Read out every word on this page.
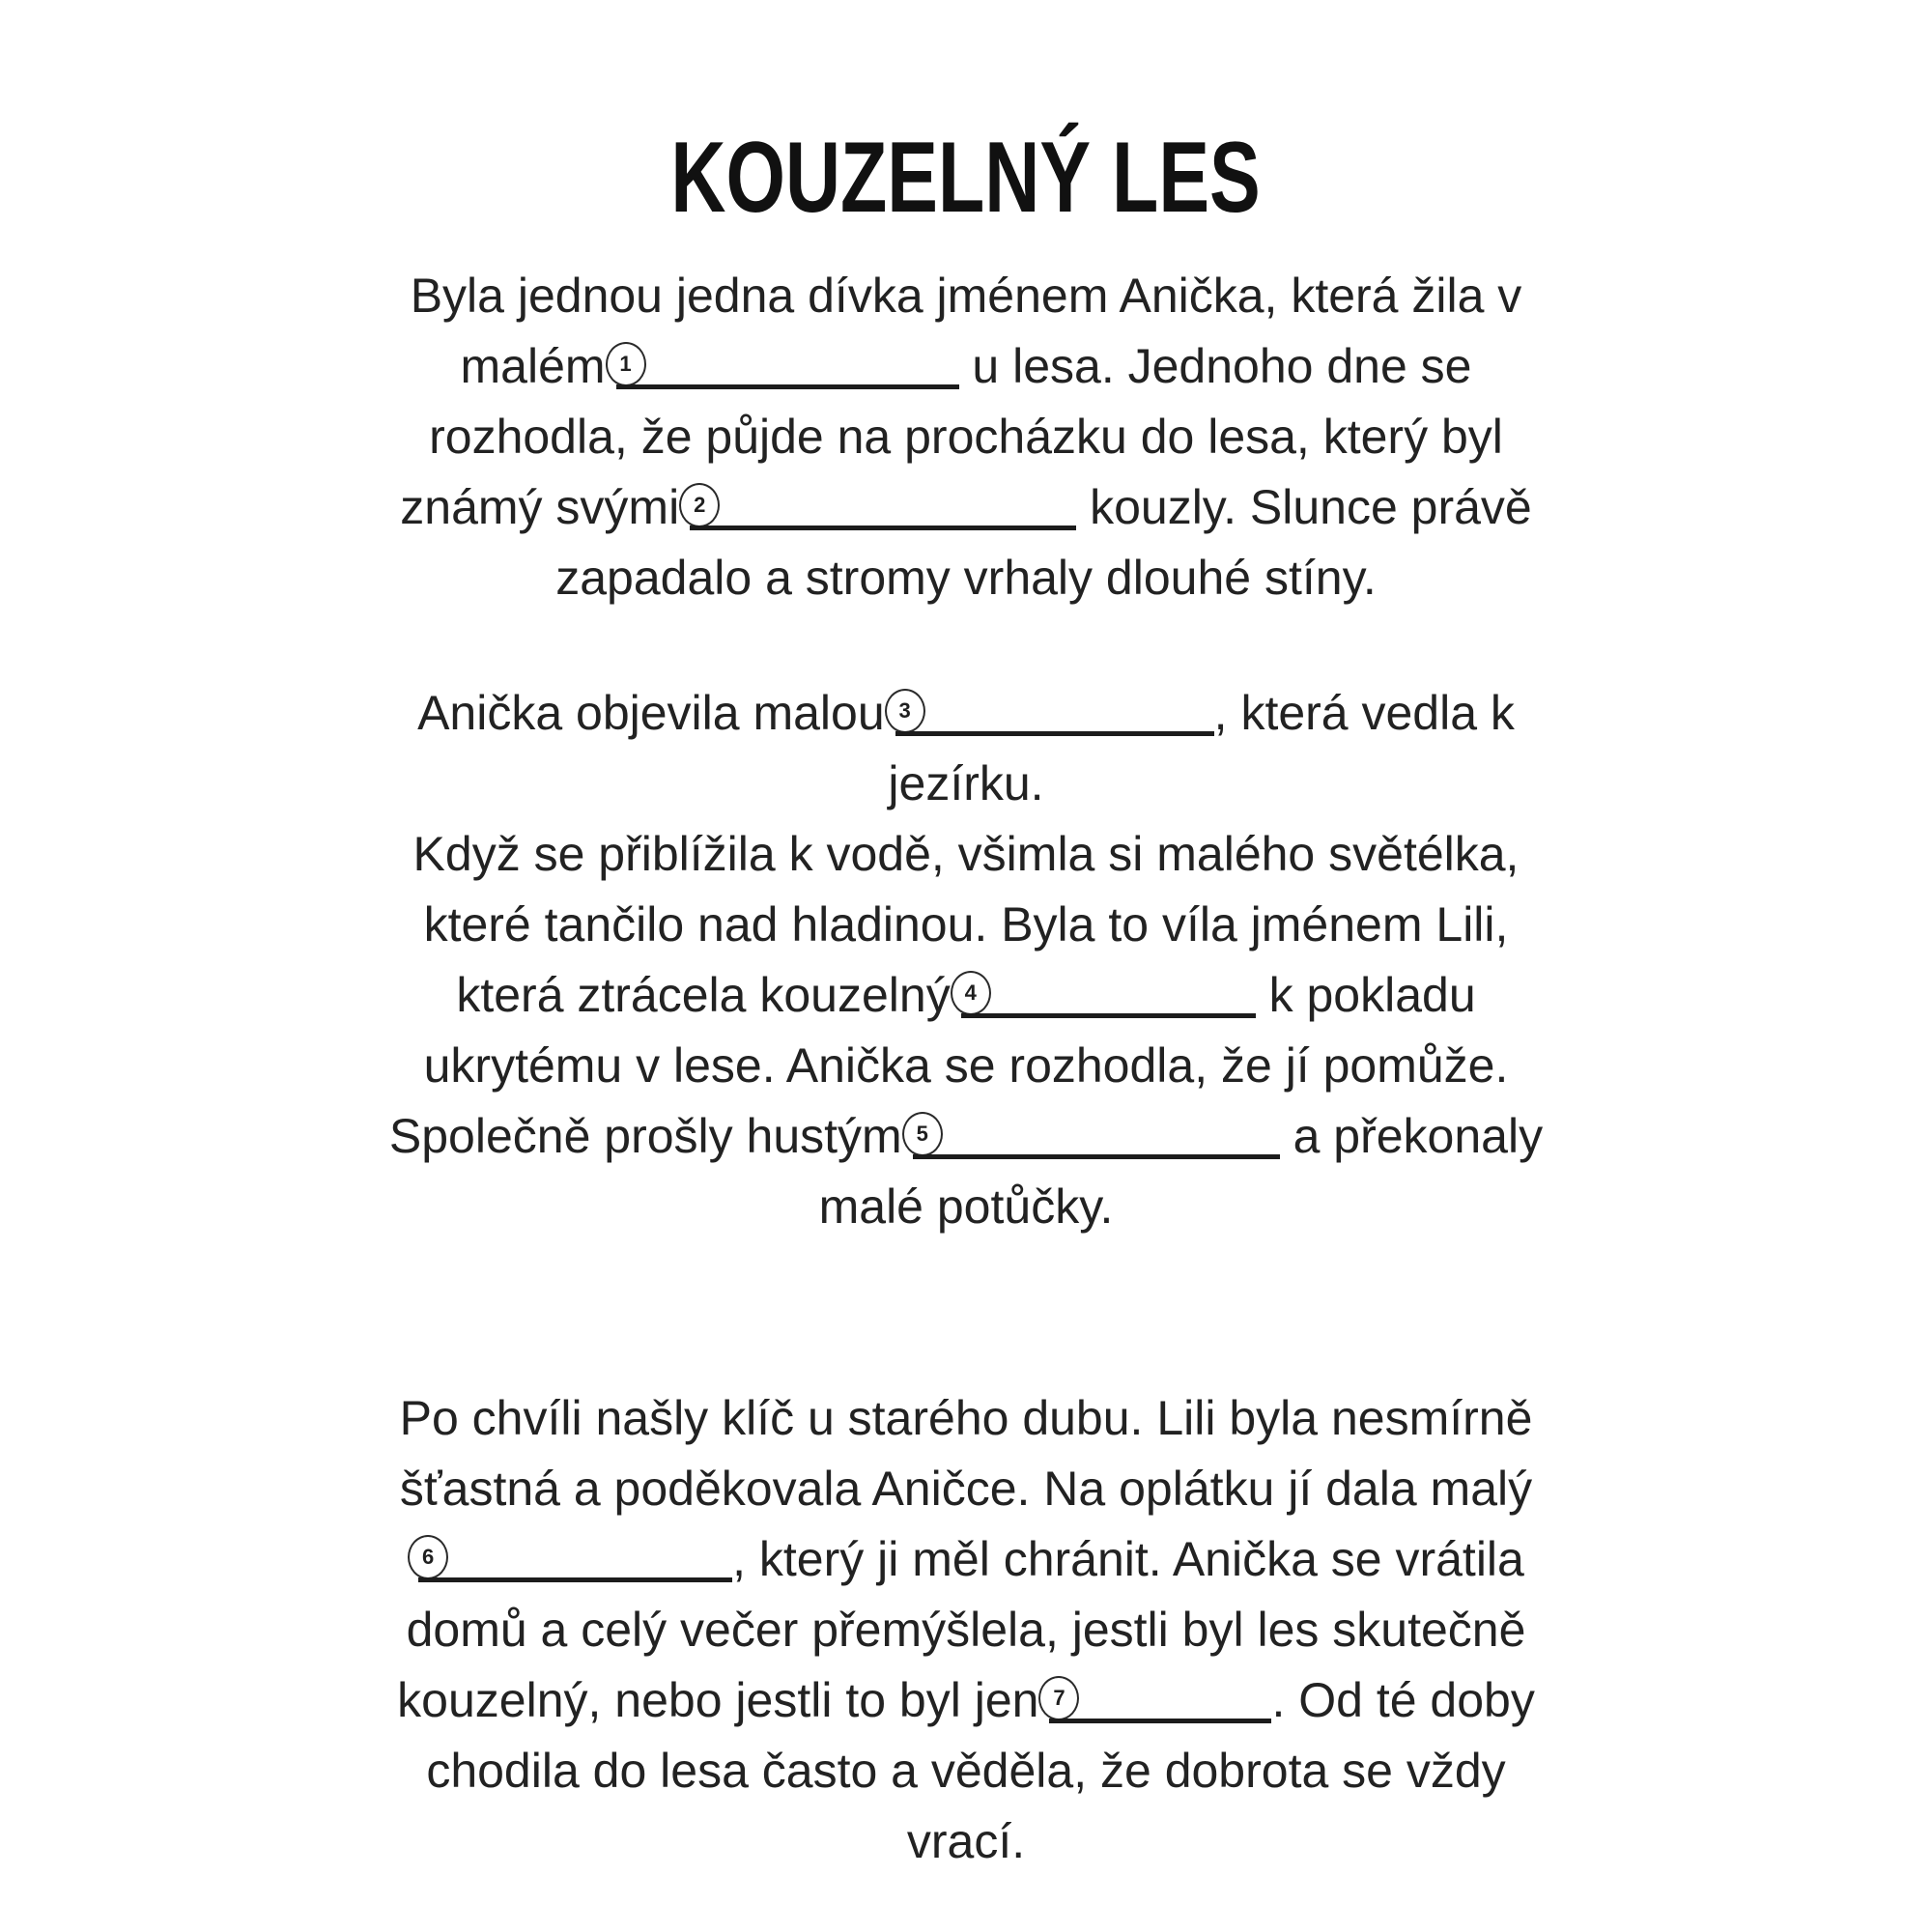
KOUZELNÝ LES
Byla jednou jedna dívka jménem Anička, která žila v
malém 1	u lesa. Jednoho dne se
rozhodla, že půjde na procházku do lesa, který byl
známý svými 2	kouzly. Slunce právě
zapadalo a stromy vrhaly dlouhé stíny.
Anička objevila malou 3	, která vedla k
jezírku.
Když se přiblížila k vodě, všimla si malého světélka,
které tančilo nad hladinou. Byla to víla jménem Lili,
která ztrácela kouzelný 4	k pokladu
ukrytému v lese. Anička se rozhodla, že jí pomůže.
Společně prošly hustým 5	a překonaly
malé potůčky.
Po chvíli našly klíč u starého dubu. Lili byla nesmírně
šťastná a poděkovala Aničce. Na oplátku jí dala malý
6	, který ji měl chránit. Anička se vrátila
domů a celý večer přemýšlela, jestli byl les skutečně
kouzelný, nebo jestli to byl jen 7	. Od té doby
chodila do lesa často a věděla, že dobrota se vždy
vrací.
